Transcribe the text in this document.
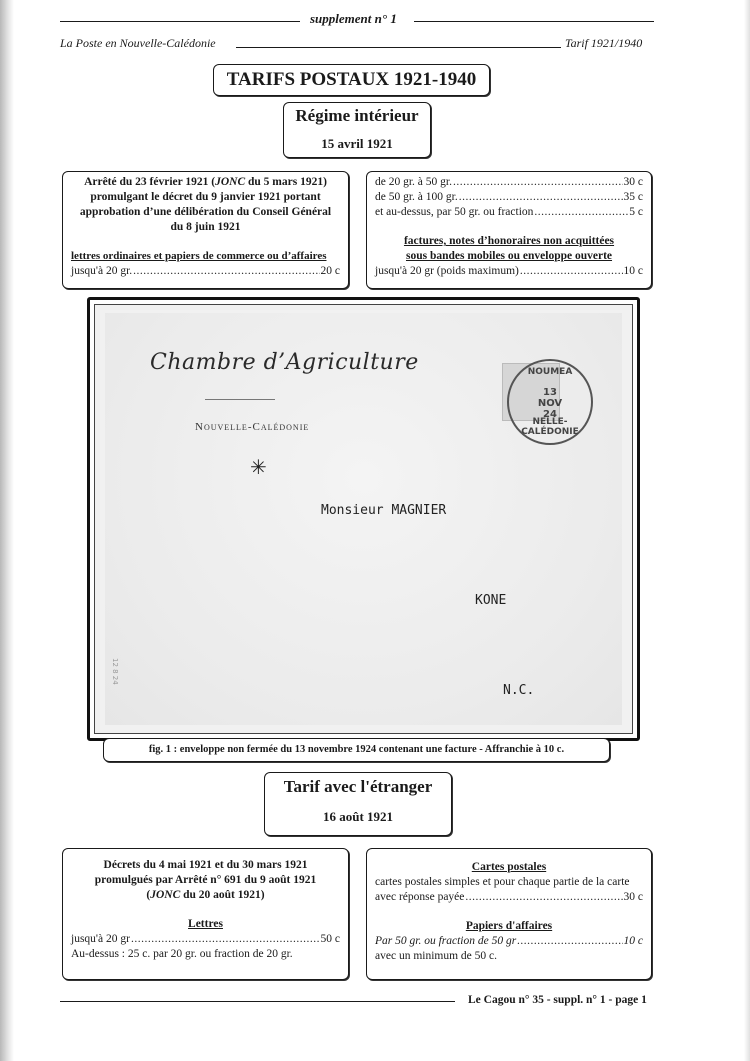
supplement n° 1
La Poste en Nouvelle-Calédonie	Tarif 1921/1940
TARIFS POSTAUX 1921-1940
Régime intérieur
15 avril 1921
Arrêté du 23 février 1921 (JONC du 5 mars 1921)
promulgant le décret du 9 janvier 1921 portant
approbation d’une délibération du Conseil Général
du 8 juin 1921
lettres ordinaires et papiers de commerce ou d’affaires
jusqu'à 20 gr. .....	20 c
de 20 gr. à 50 gr. .....	30 c
de 50 gr. à 100 gr. .....	35 c
et au-dessus, par 50 gr. ou fraction .....	5 c
factures, notes d’honoraires non acquittées
sous bandes mobiles ou enveloppe ouverte
jusqu'à 20 gr (poids maximum) .....	10 c
Chambre d’Agriculture
Nouvelle-Calédonie
✳
NOUMEA
13
NOV
24
NELLE-CALÉDONIE
Monsieur MAGNIER
KONE
N.C.
12 8 24
fig. 1 : enveloppe non fermée du 13 novembre 1924 contenant une facture - Affranchie à 10 c.
Tarif avec l'étranger
16 août 1921
Décrets du 4 mai 1921 et du 30 mars 1921
promulgués par Arrêté n° 691 du 9 août 1921
(JONC du 20 août 1921)
Lettres
jusqu'à 20 gr .....	50 c
Au-dessus : 25 c. par 20 gr. ou fraction de 20 gr.
Cartes postales
cartes postales simples et pour chaque partie de la carte
avec réponse payée .....	30 c
Papiers d'affaires
Par 50 gr. ou fraction de 50 gr .....	10 c
avec un minimum de 50 c.
Le Cagou n° 35 - suppl. n° 1 - page 1
